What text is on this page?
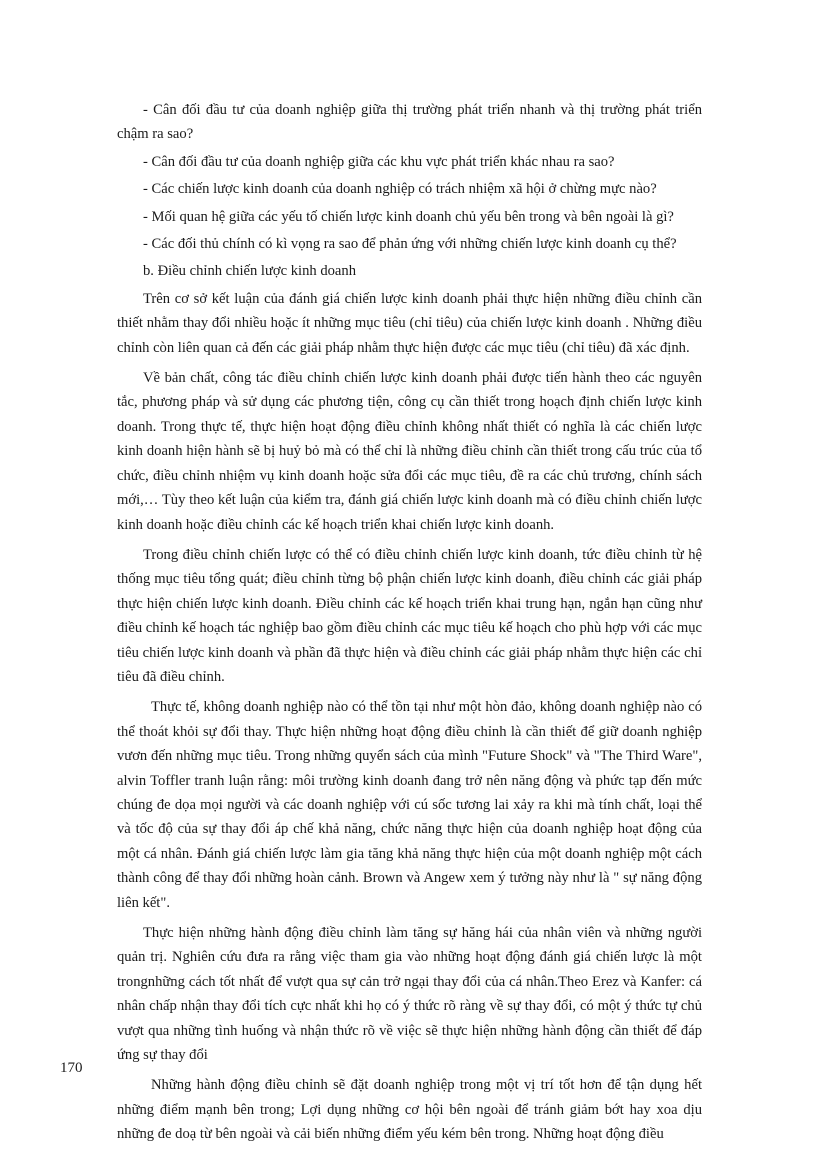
- Cân đối đầu tư của doanh nghiệp giữa thị trường phát triển nhanh và thị trường phát triển chậm ra sao?

- Cân đối đầu tư của doanh nghiệp giữa các khu vực phát triển khác nhau ra sao?

- Các chiến lược kinh doanh của doanh nghiệp có trách nhiệm xã hội ở chừng mực nào?

- Mối quan hệ giữa các yếu tố chiến lược kinh doanh chủ yếu bên trong và bên ngoài là gì?

- Các đối thủ chính có kì vọng ra sao để phản ứng với những chiến lược kinh doanh cụ thể?

b. Điều chỉnh chiến lược kinh doanh

Trên cơ sở kết luận của đánh giá chiến lược kinh doanh phải thực hiện những điều chỉnh cần thiết nhằm thay đổi nhiều hoặc ít những mục tiêu (chỉ tiêu) của chiến lược kinh doanh . Những điều chỉnh còn liên quan cả đến các giải pháp nhằm thực hiện được các mục tiêu (chỉ tiêu) đã xác định.

Về bản chất, công tác điều chỉnh chiến lược kinh doanh phải được tiến hành theo các nguyên tắc, phương pháp và sử dụng các phương tiện, công cụ cần thiết trong hoạch định chiến lược kinh doanh. Trong thực tế, thực hiện hoạt động điều chỉnh không nhất thiết có nghĩa là các chiến lược kinh doanh hiện hành sẽ bị huỷ bỏ mà có thể chỉ là những điều chỉnh cần thiết trong cấu trúc của tổ chức, điều chỉnh nhiệm vụ kinh doanh hoặc sửa đổi các mục tiêu, đề ra các chủ trương, chính sách mới,… Tùy theo kết luận của kiểm tra, đánh giá chiến lược kinh doanh mà có điều chỉnh chiến lược kinh doanh hoặc điều chỉnh các kế hoạch triển khai chiến lược kinh doanh.

Trong điều chỉnh chiến lược có thể có điều chỉnh chiến lược kinh doanh, tức điều chỉnh từ hệ thống mục tiêu tổng quát; điều chỉnh từng bộ phận chiến lược kinh doanh, điều chỉnh các giải pháp thực hiện chiến lược kinh doanh. Điều chỉnh các kế hoạch triển khai trung hạn, ngắn hạn cũng như điều chỉnh kế hoạch tác nghiệp bao gồm điều chỉnh các mục tiêu kế hoạch cho phù hợp với các mục tiêu chiến lược kinh doanh và phần đã thực hiện và điều chỉnh các giải pháp nhằm thực hiện các chỉ tiêu đã điều chỉnh.

Thực tế, không doanh nghiệp nào có thể tồn tại như một hòn đảo, không doanh nghiệp nào có thể thoát khỏi sự đổi thay. Thực hiện những hoạt động điều chỉnh là cần thiết để giữ doanh nghiệp vươn đến những mục tiêu. Trong những quyển sách của mình "Future Shock" và "The Third Ware", alvin Toffler tranh luận rằng: môi trường kinh doanh đang trở nên năng động và phức tạp đến mức chúng đe dọa mọi người và các doanh nghiệp với cú sốc tương lai xảy ra khi mà tính chất, loại thể và tốc độ của sự thay đổi áp chế khả năng, chức năng thực hiện của doanh nghiệp hoạt động của một cá nhân. Đánh giá chiến lược làm gia tăng khả năng thực hiện của một doanh nghiệp một cách thành công để thay đổi những hoàn cảnh. Brown và Angew xem ý tưởng này như là " sự năng động liên kết".

Thực hiện những hành động điều chỉnh làm tăng sự hăng hái của nhân viên và những người quản trị. Nghiên cứu đưa ra rằng việc tham gia vào những hoạt động đánh giá chiến lược là một trongnhững cách tốt nhất để vượt qua sự cản trở ngại thay đổi của cá nhân.Theo Erez và Kanfer: cá nhân chấp nhận thay đổi tích cực nhất khi họ có ý thức rõ ràng về sự thay đổi, có một ý thức tự chủ vượt qua những tình huống và nhận thức rõ về việc sẽ thực hiện những hành động cần thiết để đáp ứng sự thay đổi

Những hành động điều chỉnh sẽ đặt doanh nghiệp trong một vị trí tốt hơn để tận dụng hết những điểm mạnh bên trong; Lợi dụng những cơ hội bên ngoài để tránh giảm bớt hay xoa dịu những đe doạ từ bên ngoài và cải biến những điểm yếu kém bên trong. Những hoạt động điều

170
